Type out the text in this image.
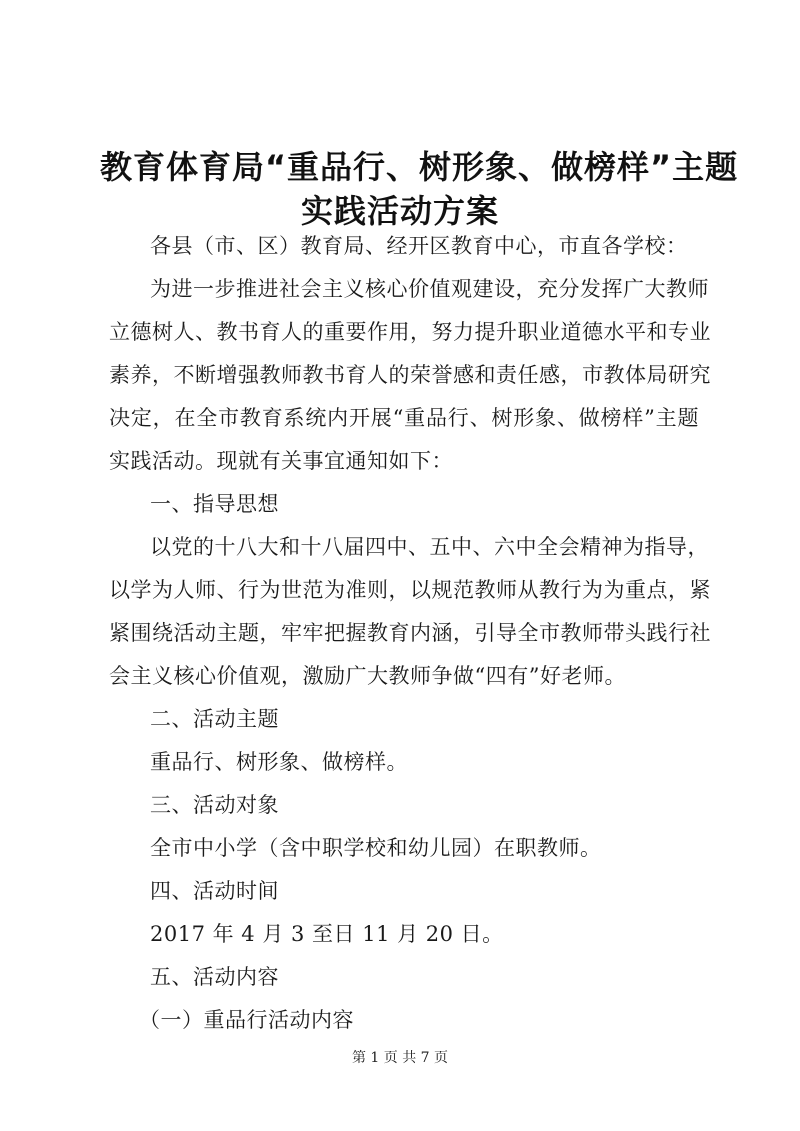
教育体育局“重品行、树形象、做榜样”主题
实践活动方案
各县（市、区）教育局、经开区教育中心，市直各学校：
为进一步推进社会主义核心价值观建设，充分发挥广大教师
立德树人、教书育人的重要作用，努力提升职业道德水平和专业
素养，不断增强教师教书育人的荣誉感和责任感，市教体局研究
决定，在全市教育系统内开展“重品行、树形象、做榜样”主题
实践活动。现就有关事宜通知如下：
一、指导思想
以党的十八大和十八届四中、五中、六中全会精神为指导，
以学为人师、行为世范为准则，以规范教师从教行为为重点，紧
紧围绕活动主题，牢牢把握教育内涵，引导全市教师带头践行社
会主义核心价值观，激励广大教师争做“四有”好老师。
二、活动主题
重品行、树形象、做榜样。
三、活动对象
全市中小学（含中职学校和幼儿园）在职教师。
四、活动时间
2017 年 4 月 3 至日 11 月 20 日。
五、活动内容
（一）重品行活动内容
第 1 页 共 7 页
